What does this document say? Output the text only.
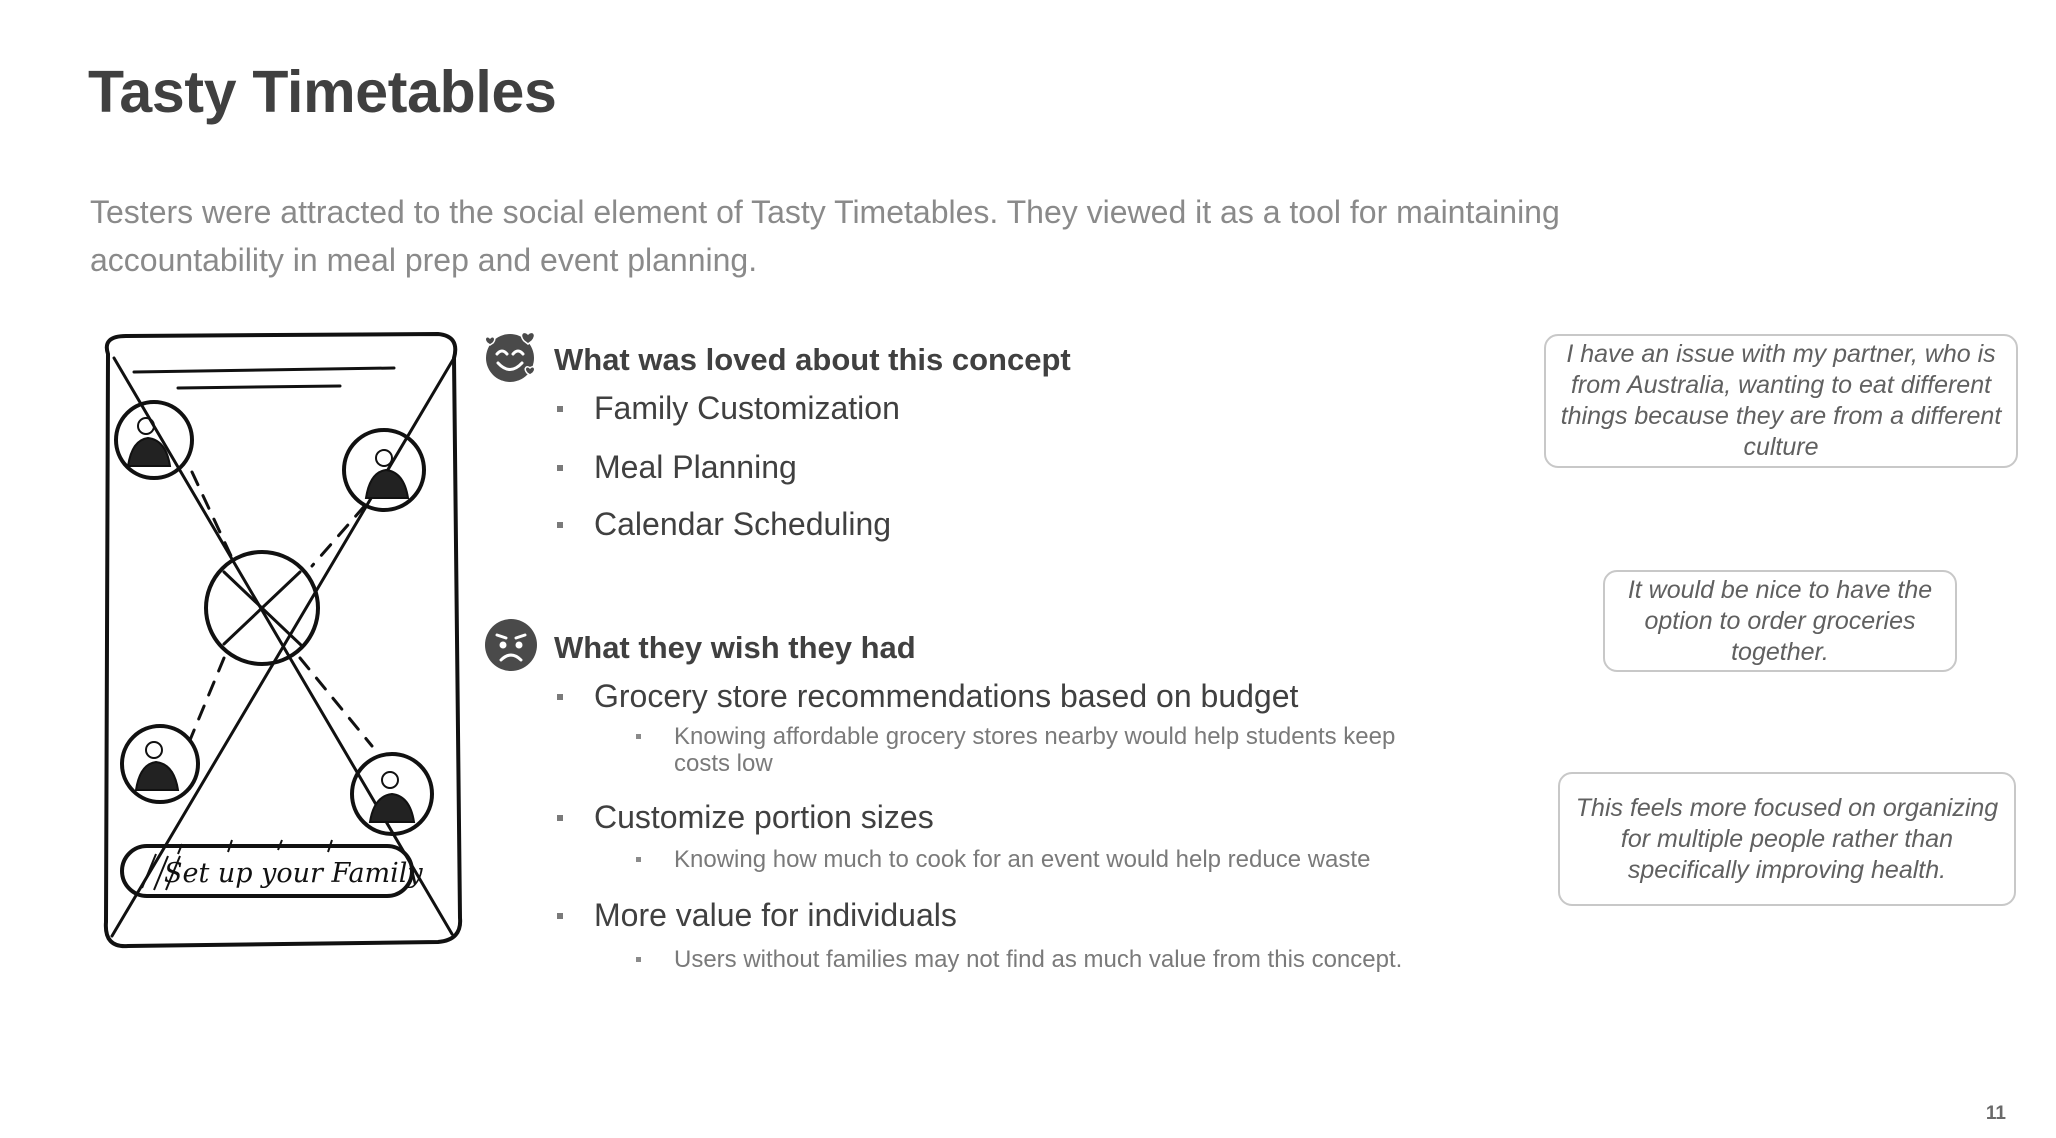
Tasty Timetables

Testers were attracted to the social element of Tasty Timetables. They viewed it as a tool for maintaining accountability in meal prep and event planning.

Set up your Family
What was loved about this concept
Family Customization
Meal Planning
Calendar Scheduling
What they wish they had
Grocery store recommendations based on budget
Knowing affordable grocery stores nearby would help students keep costs low
Customize portion sizes
Knowing how much to cook for an event would help reduce waste
More value for individuals
Users without families may not find as much value from this concept.
I have an issue with my partner, who is from Australia, wanting to eat different things because they are from a different culture
It would be nice to have the option to order groceries together.
This feels more focused on organizing for multiple people rather than specifically improving health.
11
